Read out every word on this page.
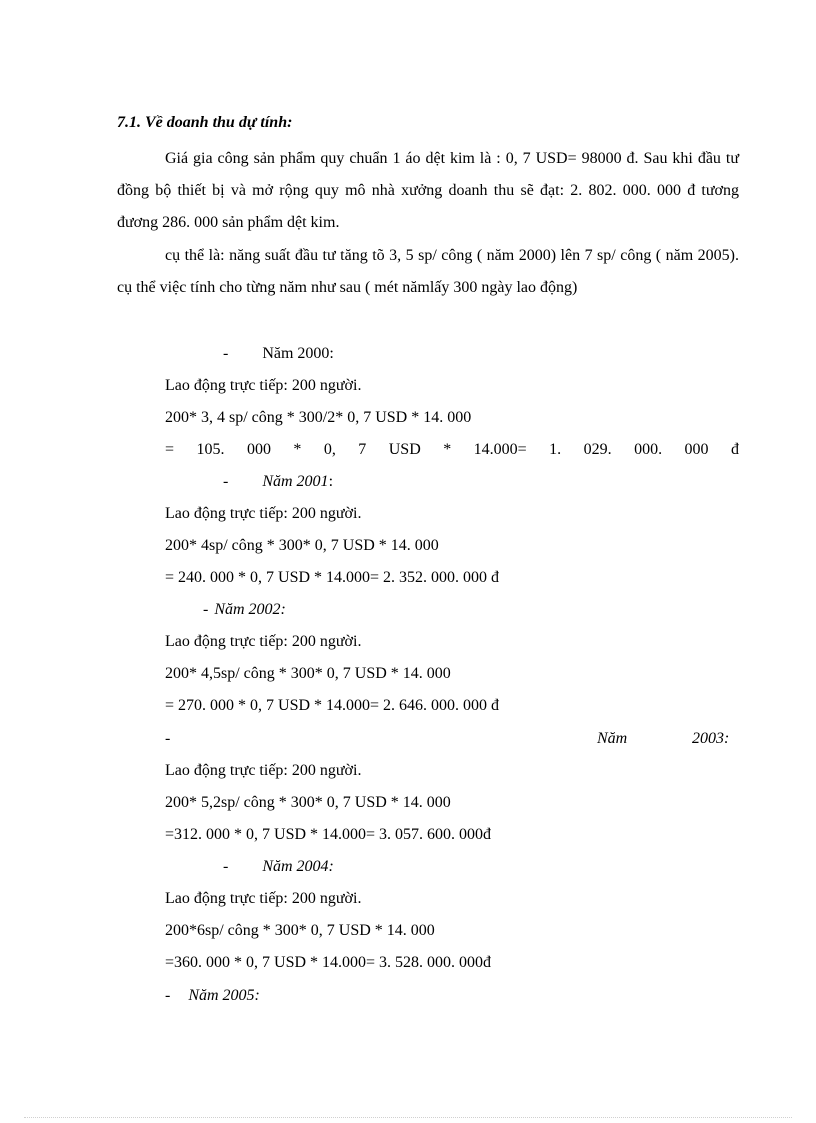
7.1. Về doanh thu dự tính:
Giá gia công sản phẩm quy chuẩn 1 áo dệt kim là : 0, 7 USD= 98000 đ. Sau khi đầu tư đồng bộ thiết bị và mở rộng quy mô nhà xưởng doanh thu sẽ đạt: 2. 802. 000. 000 đ tương đương 286. 000 sản phẩm dệt kim.
cụ thể là: năng suất đầu tư tăng tõ 3, 5 sp/ công ( năm 2000) lên 7 sp/ công ( năm 2005). cụ thể việc tính cho từng năm như sau ( mét nămlấy 300 ngày lao động)
- Năm 2000:
Lao động trực tiếp: 200 người.
200* 3, 4 sp/ công * 300/2* 0, 7 USD * 14. 000
= 105. 000 * 0, 7 USD * 14.000= 1. 029. 000. 000 đ
- Năm 2001:
Lao động trực tiếp: 200 người.
200* 4sp/ công * 300* 0, 7 USD * 14. 000
= 240. 000 * 0, 7 USD * 14.000= 2. 352. 000. 000 đ
- Năm 2002:
Lao động trực tiếp: 200 người.
200* 4,5sp/ công * 300* 0, 7 USD * 14. 000
= 270. 000 * 0, 7 USD * 14.000= 2. 646. 000. 000 đ
-	Năm	2003:
Lao động trực tiếp: 200 người.
200* 5,2sp/ công * 300* 0, 7 USD * 14. 000
=312. 000 * 0, 7 USD * 14.000= 3. 057. 600. 000đ
- Năm 2004:
Lao động trực tiếp: 200 người.
200*6sp/ công * 300* 0, 7 USD * 14. 000
=360. 000 * 0, 7 USD * 14.000= 3. 528. 000. 000đ
- Năm 2005:
